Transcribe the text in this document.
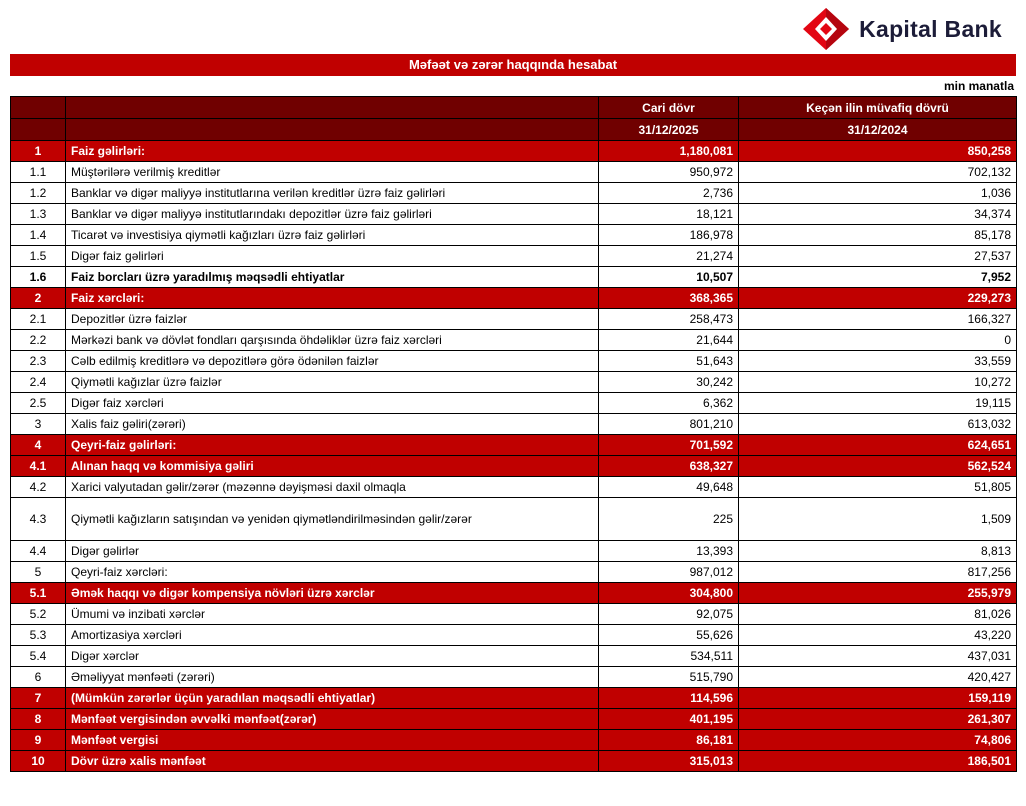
Kapital Bank
Məfəət və zərər haqqında hesabat
min manatla
		Cari dövr	Keçən ilin müvafiq dövrü
		31/12/2025	31/12/2024
1	Faiz gəlirləri:	1,180,081	850,258
1.1	Müştərilərə verilmiş kreditlər	950,972	702,132
1.2	Banklar və digər maliyyə institutlarına verilən kreditlər üzrə faiz gəlirləri	2,736	1,036
1.3	Banklar və digər maliyyə institutlarındakı depozitlər üzrə faiz gəlirləri	18,121	34,374
1.4	Ticarət və investisiya qiymətli kağızları üzrə faiz gəlirləri	186,978	85,178
1.5	Digər faiz gəlirləri	21,274	27,537
1.6	Faiz borcları üzrə yaradılmış məqsədli ehtiyatlar	10,507	7,952
2	Faiz xərcləri:	368,365	229,273
2.1	Depozitlər üzrə faizlər	258,473	166,327
2.2	Mərkəzi bank və dövlət fondları qarşısında öhdəliklər üzrə faiz xərcləri	21,644	0
2.3	Cəlb edilmiş kreditlərə və depozitlərə görə ödənilən faizlər	51,643	33,559
2.4	Qiymətli kağızlar üzrə faizlər	30,242	10,272
2.5	Digər faiz xərcləri	6,362	19,115
3	Xalis faiz gəliri(zərəri)	801,210	613,032
4	Qeyri-faiz gəlirləri:	701,592	624,651
4.1	Alınan haqq və kommisiya gəliri	638,327	562,524
4.2	Xarici valyutadan gəlir/zərər (məzənnə dəyişməsi daxil olmaqla	49,648	51,805
4.3	Qiymətli kağızların satışından və yenidən qiymətləndirilməsindən gəlir/zərər	225	1,509
4.4	Digər gəlirlər	13,393	8,813
5	Qeyri-faiz xərcləri:	987,012	817,256
5.1	Əmək haqqı və digər kompensiya növləri üzrə xərclər	304,800	255,979
5.2	Ümumi və inzibati xərclər	92,075	81,026
5.3	Amortizasiya xərcləri	55,626	43,220
5.4	Digər xərclər	534,511	437,031
6	Əməliyyat mənfəəti (zərəri)	515,790	420,427
7	(Mümkün zərərlər üçün yaradılan məqsədli ehtiyatlar)	114,596	159,119
8	Mənfəət vergisindən əvvəlki mənfəət(zərər)	401,195	261,307
9	Mənfəət vergisi	86,181	74,806
10	Dövr üzrə xalis mənfəət	315,013	186,501
